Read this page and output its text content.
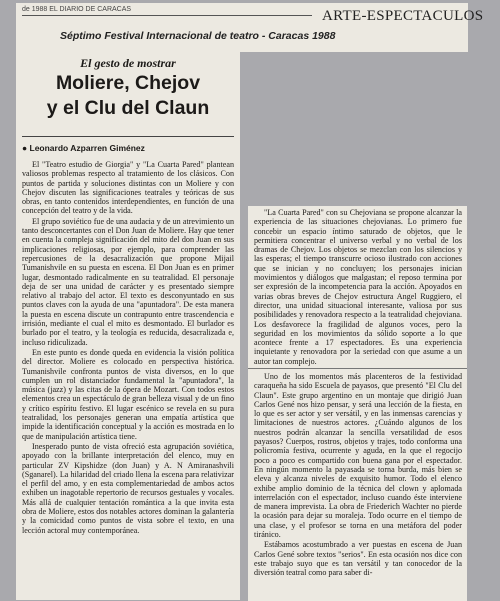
de 1988 EL DIARIO DE CARACAS	ARTE-ESPECTACULOS
Séptimo Festival Internacional de teatro - Caracas 1988
El gesto de mostrar
Moliere, Chejov
y el Clu del Claun
● Leonardo Azparren Giménez

El "Teatro estudio de Giorgia" y "La Cuarta Pared" plantean valiosos problemas respecto al tratamiento de los clásicos. Con puntos de partida y soluciones distintas con un Moliere y con Chejov discuten las significaciones teatrales y teóricas de sus obras, en tanto contenidos interdependientes, en función de una concepción del teatro y de la vida.

El grupo soviético fue de una audacia y de un atrevimiento un tanto desconcertantes con el Don Juan de Moliere. Hay que tener en cuenta la compleja significación del mito del don Juan en sus implicaciones religiosas, por ejemplo, para comprender las repercusiones de la desacralización que propone Mijail Tumanishvile en su puesta en escena. El Don Juan es en primer lugar, desmontado radicalmente en su teatralidad. El personaje deja de ser una unidad de carácter y es presentado siempre relativo al trabajo del actor. El texto es desconyuntado en sus puntos claves con la ayuda de una "apuntadora". De esta manera la puesta en escena discute un contrapunto entre trascendencia e irrisión, mediante el cual el mito es desmontado. El burlador es burlado por el teatro, y la teología es reducida, desacralizada e, incluso ridiculizada.

En este punto es donde queda en evidencia la visión política del director. Moliere es colocado en perspectiva histórica. Tumanishvile confronta puntos de vista diversos, en lo que cumplen un rol distanciador fundamental la "apuntadora", la música (jazz) y las citas de la ópera de Mozart. Con todos estos elementos crea un espectáculo de gran belleza visual y de un fino y crítico espíritu festivo. El lugar escénico se revela en su pura teatralidad, los personajes generan una empatía artística que impide la identificación conceptual y la acción es mostrada en lo que de manipulación artística tiene.

Inesperado punto de vista ofreció esta agrupación soviética, apoyado con la brillante interpretación del elenco, muy en particular ZV Kipshidze (don Juan) y A. N Amiranashvili (Sganarel). La hilaridad del criado llena la escena para relativizar el perfil del amo, y en esta complementariedad de ambos actos exhiben un inagotable repertorio de recursos gestuales y vocales. Más allá de cualquier tentación romántica a la que invita esta obra de Moliere, estos dos notables actores dominan la galantería y la comicidad como puntos de vista sobre el texto, en una lección actoral muy contemporánea.

"La Cuarta Pared" con su Chejoviana se propone alcanzar la experiencia de las situaciones chejovianas. Lo primero fue concebir un espacio íntimo saturado de objetos, que le permitiera concentrar el universo verbal y no verbal de los dramas de Chejov. Los objetos se mezclan con los silencios y las esperas; el tiempo transcurre ocioso ilustrado con acciones que se inician y no concluyen; los personajes inician movimientos y diálogos que malgastan; el reposo termina por ser expresión de la incompetencia para la acción. Apoyados en varias obras breves de Chejov estructura Angel Ruggiero, el director, una unidad situacional interesante, valiosa por sus posibilidades y renovadora respecto a la teatralidad chejoviana. Los desfavorece la fragilidad de algunos voces, pero la seguridad en los movimientos da sólido soporte a lo que acontece frente a 17 espectadores. Es una experiencia inquietante y renovadora por la seriedad con que asume a un autor tan complejo.

Uno de los momentos más placenteros de la festividad caraqueña ha sido Escuela de payasos, que presentó "El Clu del Claun". Este grupo argentino en un montaje que dirigió Juan Carlos Gené nos hizo pensar, y será una lección de la fiesta, en lo que es ser actor y ser versátil, y en las inmensas carencias y limitaciones de nuestros actores. ¿Cuándo algunos de los nuestros podrán alcanzar la sencilla versatilidad de esos payasos? Cuerpos, rostros, objetos y trajes, todo conforma una policromía festiva, ocurrente y aguda, en la que el regocijo poco a poco es compartido con buena gana por el espectador. En ningún momento la payasada se torna burda, más bien se eleva y alcanza niveles de exquisito humor. Todo el elenco exhibe amplio dominio de la técnica del clown y aplomada interrelación con el espectador, incluso cuando éste interviene de manera imprevista. La obra de Friederich Wachter no pierde la ocasión para dejar su moraleja. Todo ocurre en el tiempo de una clase, y el profesor se torna en una metáfora del poder tiránico.

Estábamos acostumbrado a ver puestas en escena de Juan Carlos Gené sobre textos "serios". En esta ocasión nos dice con este trabajo suyo que es tan versátil y tan conocedor de la diversión teatral como para saber di-
